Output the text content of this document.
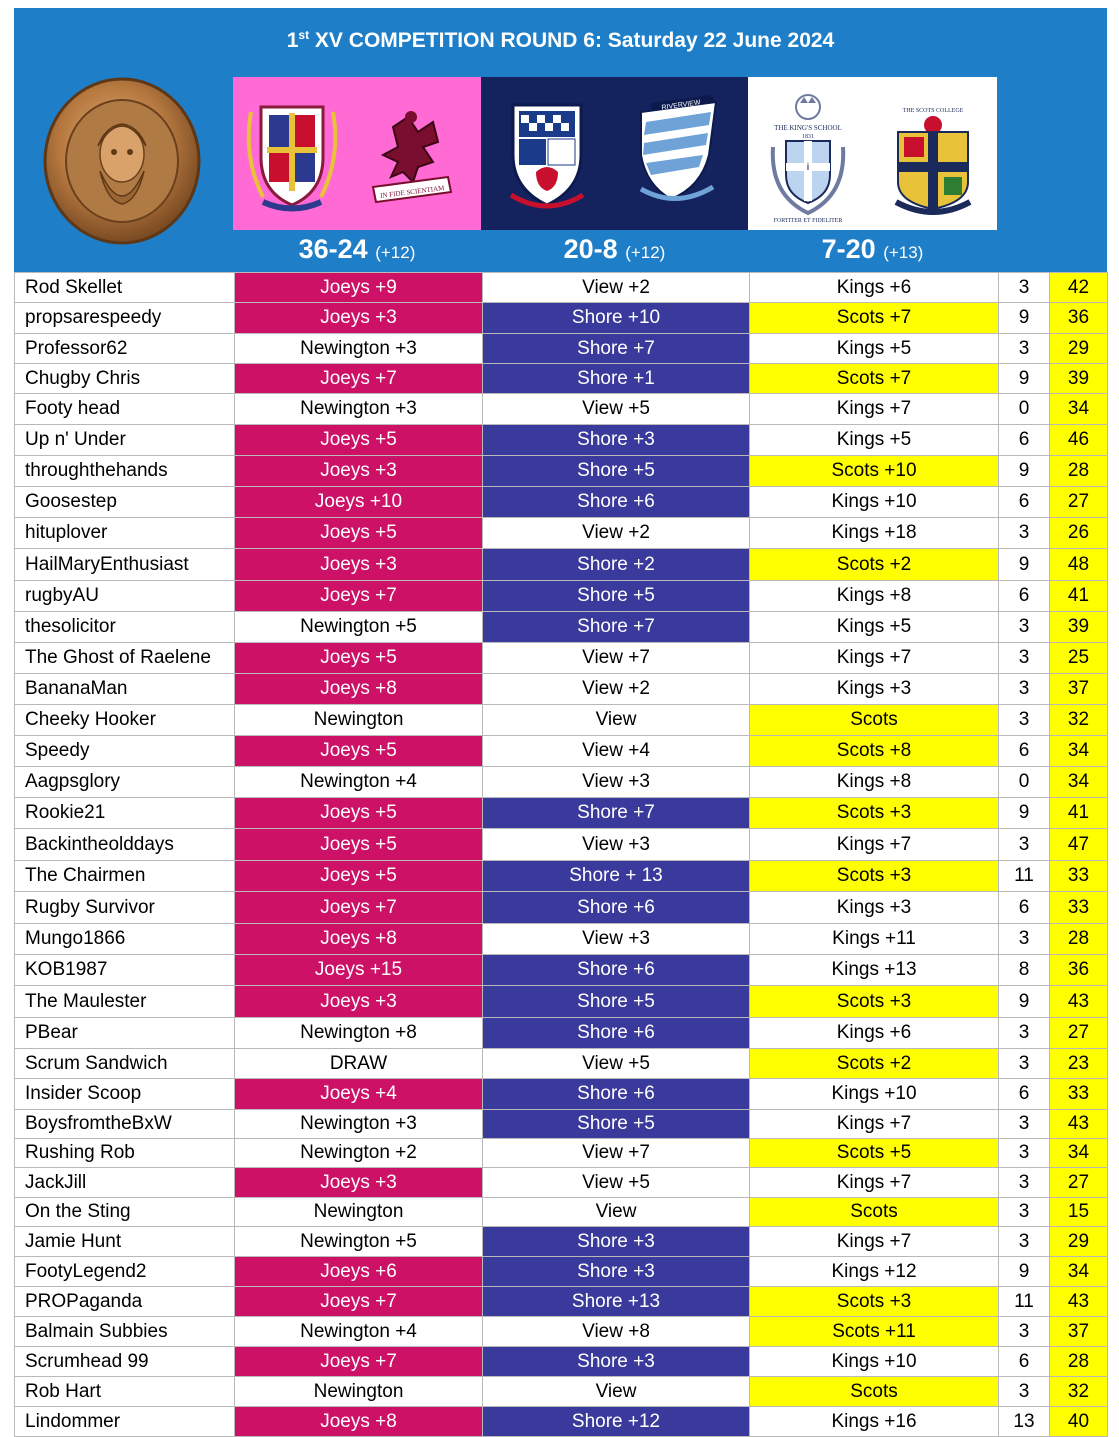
1st XV COMPETITION ROUND 6: Saturday 22 June 2024
IN FIDE SCIENTIAM
RIVERVIEW
THE KING'S SCHOOL
1831
i
FORTITER ET FIDELITER
THE SCOTS COLLEGE
36-24 (+12)	20-8 (+12)	7-20 (+13)
Rod Skellet	Joeys +9	View +2	Kings +6	3	42
propsarespeedy	Joeys +3	Shore +10	Scots +7	9	36
Professor62	Newington +3	Shore +7	Kings +5	3	29
Chugby Chris	Joeys +7	Shore +1	Scots +7	9	39
Footy head	Newington +3	View +5	Kings +7	0	34
Up n' Under	Joeys +5	Shore +3	Kings +5	6	46
throughthehands	Joeys +3	Shore +5	Scots +10	9	28
Goosestep	Joeys +10	Shore +6	Kings +10	6	27
hituplover	Joeys +5	View +2	Kings +18	3	26
HailMaryEnthusiast	Joeys +3	Shore +2	Scots +2	9	48
rugbyAU	Joeys +7	Shore +5	Kings +8	6	41
thesolicitor	Newington +5	Shore +7	Kings +5	3	39
The Ghost of Raelene	Joeys +5	View +7	Kings +7	3	25
BananaMan	Joeys +8	View +2	Kings +3	3	37
Cheeky Hooker	Newington	View	Scots	3	32
Speedy	Joeys +5	View +4	Scots +8	6	34
Aagpsglory	Newington +4	View +3	Kings +8	0	34
Rookie21	Joeys +5	Shore +7	Scots +3	9	41
Backintheolddays	Joeys +5	View +3	Kings +7	3	47
The Chairmen	Joeys +5	Shore + 13	Scots +3	11	33
Rugby Survivor	Joeys +7	Shore +6	Kings +3	6	33
Mungo1866	Joeys +8	View +3	Kings +11	3	28
KOB1987	Joeys +15	Shore +6	Kings +13	8	36
The Maulester	Joeys +3	Shore +5	Scots +3	9	43
PBear	Newington +8	Shore +6	Kings +6	3	27
Scrum Sandwich	DRAW	View +5	Scots +2	3	23
Insider Scoop	Joeys +4	Shore +6	Kings +10	6	33
BoysfromtheBxW	Newington +3	Shore +5	Kings +7	3	43
Rushing Rob	Newington +2	View +7	Scots +5	3	34
JackJill	Joeys +3	View +5	Kings +7	3	27
On the Sting	Newington	View	Scots	3	15
Jamie Hunt	Newington +5	Shore +3	Kings +7	3	29
FootyLegend2	Joeys +6	Shore +3	Kings +12	9	34
PROPaganda	Joeys +7	Shore +13	Scots +3	11	43
Balmain Subbies	Newington +4	View +8	Scots +11	3	37
Scrumhead 99	Joeys +7	Shore +3	Kings +10	6	28
Rob Hart	Newington	View	Scots	3	32
Lindommer	Joeys +8	Shore +12	Kings +16	13	40
